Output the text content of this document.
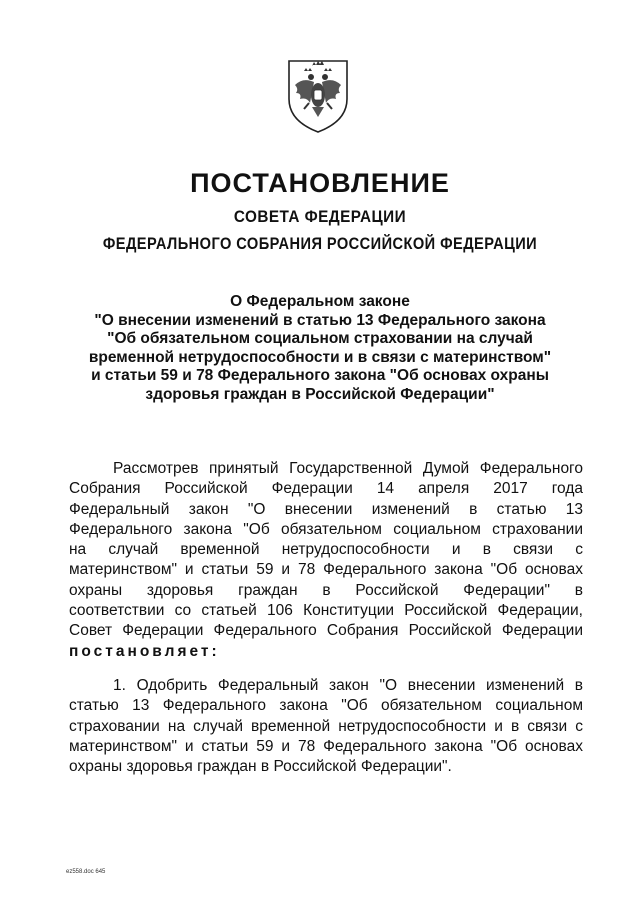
ПОСТАНОВЛЕНИЕ
СОВЕТА ФЕДЕРАЦИИ
ФЕДЕРАЛЬНОГО СОБРАНИЯ РОССИЙСКОЙ ФЕДЕРАЦИИ
О Федеральном законе
"О внесении изменений в статью 13 Федерального закона
"Об обязательном социальном страховании на случай
временной нетрудоспособности и в связи с материнством"
и статьи 59 и 78 Федерального закона "Об основах охраны
здоровья граждан в Российской Федерации"
Рассмотрев принятый Государственной Думой Федерального
Собрания Российской Федерации 14 апреля 2017 года
Федеральный закон "О внесении изменений в статью 13
Федерального закона "Об обязательном социальном страховании
на случай временной нетрудоспособности и в связи с
материнством" и статьи 59 и 78 Федерального закона "Об основах
охраны здоровья граждан в Российской Федерации" в
соответствии со статьей 106 Конституции Российской Федерации,
Совет Федерации Федерального Собрания Российской Федерации
постановляет:
1. Одобрить Федеральный закон "О внесении изменений в
статью 13 Федерального закона "Об обязательном социальном
страховании на случай временной нетрудоспособности и в связи с
материнством" и статьи 59 и 78 Федерального закона "Об основах
охраны здоровья граждан в Российской Федерации".
ez558.doc 645
